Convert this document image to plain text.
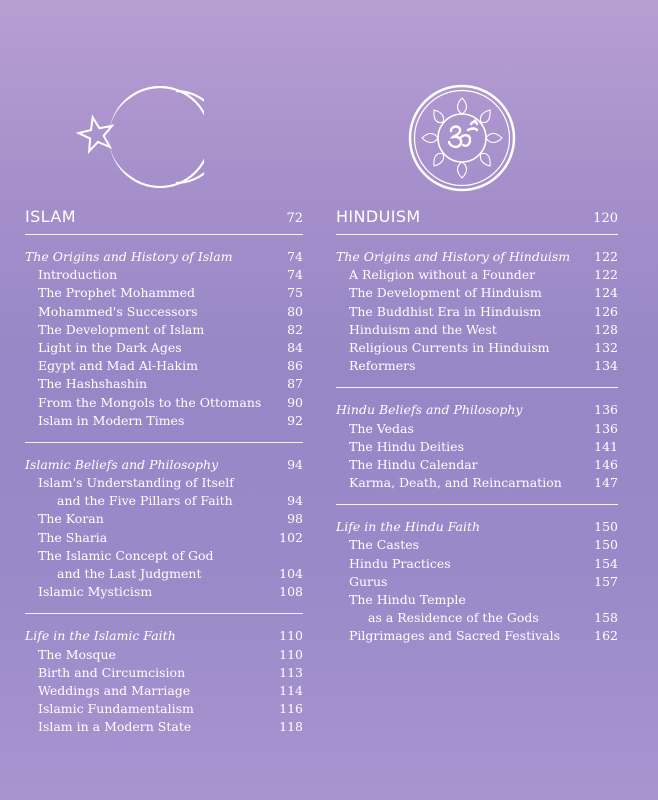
ISLAM	72
The Origins and History of Islam	74
Introduction	74
The Prophet Mohammed	75
Mohammed's Successors	80
The Development of Islam	82
Light in the Dark Ages	84
Egypt and Mad Al-Hakim	86
The Hashshashin	87
From the Mongols to the Ottomans	90
Islam in Modern Times	92
Islamic Beliefs and Philosophy	94
Islam's Understanding of Itself
and the Five Pillars of Faith	94
The Koran	98
The Sharia	102
The Islamic Concept of God
and the Last Judgment	104
Islamic Mysticism	108
Life in the Islamic Faith	110
The Mosque	110
Birth and Circumcision	113
Weddings and Marriage	114
Islamic Fundamentalism	116
Islam in a Modern State	118
HINDUISM	120
The Origins and History of Hinduism 122
A Religion without a Founder	122
The Development of Hinduism	124
The Buddhist Era in Hinduism	126
Hinduism and the West	128
Religious Currents in Hinduism	132
Reformers	134
Hindu Beliefs and Philosophy	136
The Vedas	136
The Hindu Deities	141
The Hindu Calendar	146
Karma, Death, and Reincarnation	147
Life in the Hindu Faith	150
The Castes	150
Hindu Practices	154
Gurus	157
The Hindu Temple
as a Residence of the Gods	158
Pilgrimages and Sacred Festivals	162
